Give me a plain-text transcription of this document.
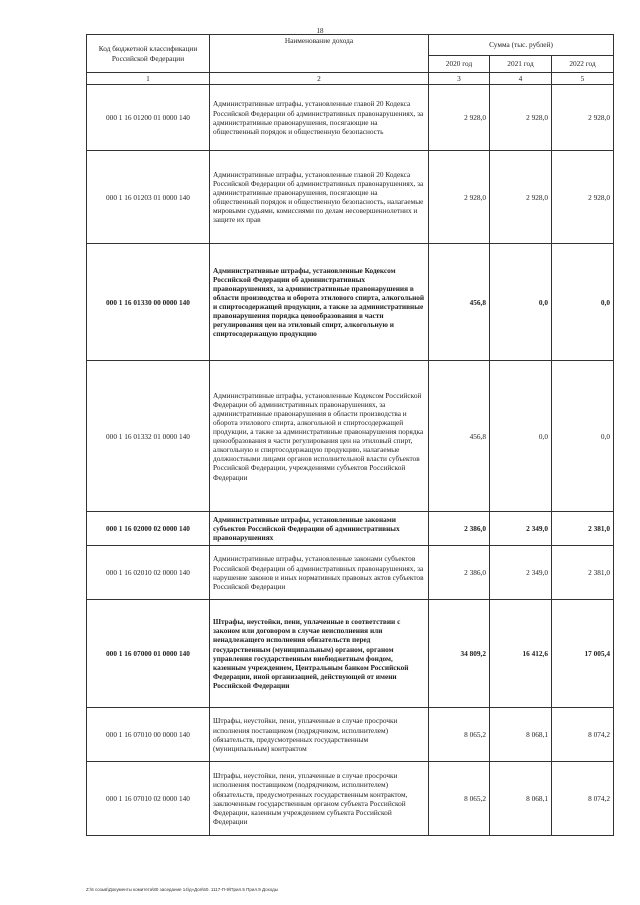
18
Код бюджетной классификации Российской Федерации	Наименование дохода	Сумма (тыс. рублей)		
		2020 год	2021 год	2022 год
1	2	3	4	5
000 1 16 01200 01 0000 140	Административные штрафы, установленные главой 20 Кодекса Российской Федерации об административных правонарушениях, за административные правонарушения, посягающие на общественный порядок и общественную безопасность	2 928,0	2 928,0	2 928,0
000 1 16 01203 01 0000 140	Административные штрафы, установленные главой 20 Кодекса Российской Федерации об административных правонарушениях, за административные правонарушения, посягающие на общественный порядок и общественную безопасность, налагаемые мировыми судьями, комиссиями по делам несовершеннолетних и защите их прав	2 928,0	2 928,0	2 928,0
000 1 16 01330 00 0000 140	Административные штрафы, установленные Кодексом Российской Федерации об административных правонарушениях, за административные правонарушения в области производства и оборота этилового спирта, алкогольной и спиртосодержащей продукции, а также за административные правонарушения порядка ценообразования в части регулирования цен на этиловый спирт, алкогольную и спиртосодержащую продукцию	456,8	0,0	0,0
000 1 16 01332 01 0000 140	Административные штрафы, установленные Кодексом Российской Федерации об административных правонарушениях, за административные правонарушения в области производства и оборота этилового спирта, алкогольной и спиртосодержащей продукции, а также за административные правонарушения порядка ценообразования в части регулирования цен на этиловый спирт, алкогольную и спиртосодержащую продукцию, налагаемые должностными лицами органов исполнительной власти субъектов Российской Федерации, учреждениями субъектов Российской Федерации	456,8	0,0	0,0
000 1 16 02000 02 0000 140	Административные штрафы, установленные законами субъектов Российской Федерации об административных правонарушениях	2 386,0	2 349,0	2 381,0
000 1 16 02010 02 0000 140	Административные штрафы, установленные законами субъектов Российской Федерации об административных правонарушениях, за нарушение законов и иных нормативных правовых актов субъектов Российской Федерации	2 386,0	2 349,0	2 381,0
000 1 16 07000 01 0000 140	Штрафы, неустойки, пени, уплаченные в соответствии с законом или договором в случае неисполнения или ненадлежащего исполнения обязательств перед государственным (муниципальным) органом, органом управления государственным внебюджетным фондом, казенным учреждением, Центральным банком Российской Федерации, иной организацией, действующей от имени Российской Федерации	34 809,2	16 412,6	17 005,4
000 1 16 07010 00 0000 140	Штрафы, неустойки, пени, уплаченные в случае просрочки исполнения поставщиком (подрядчиком, исполнителем) обязательств, предусмотренных государственным (муниципальным) контрактом	8 065,2	8 068,1	8 074,2
000 1 16 07010 02 0000 140	Штрафы, неустойки, пени, уплаченные в случае просрочки исполнения поставщиком (подрядчиком, исполнителем) обязательств, предусмотренных государственным контрактом, заключенным государственным органом субъекта Российской Федерации, казенным учреждением субъекта Российской Федерации	8 065,2	8 068,1	8 074,2
Z:\6 созыв\Документы комитета\80 заседание 14\д«Доп\60. 1117-П-9\Прил.5 Прил.9 Доходы
